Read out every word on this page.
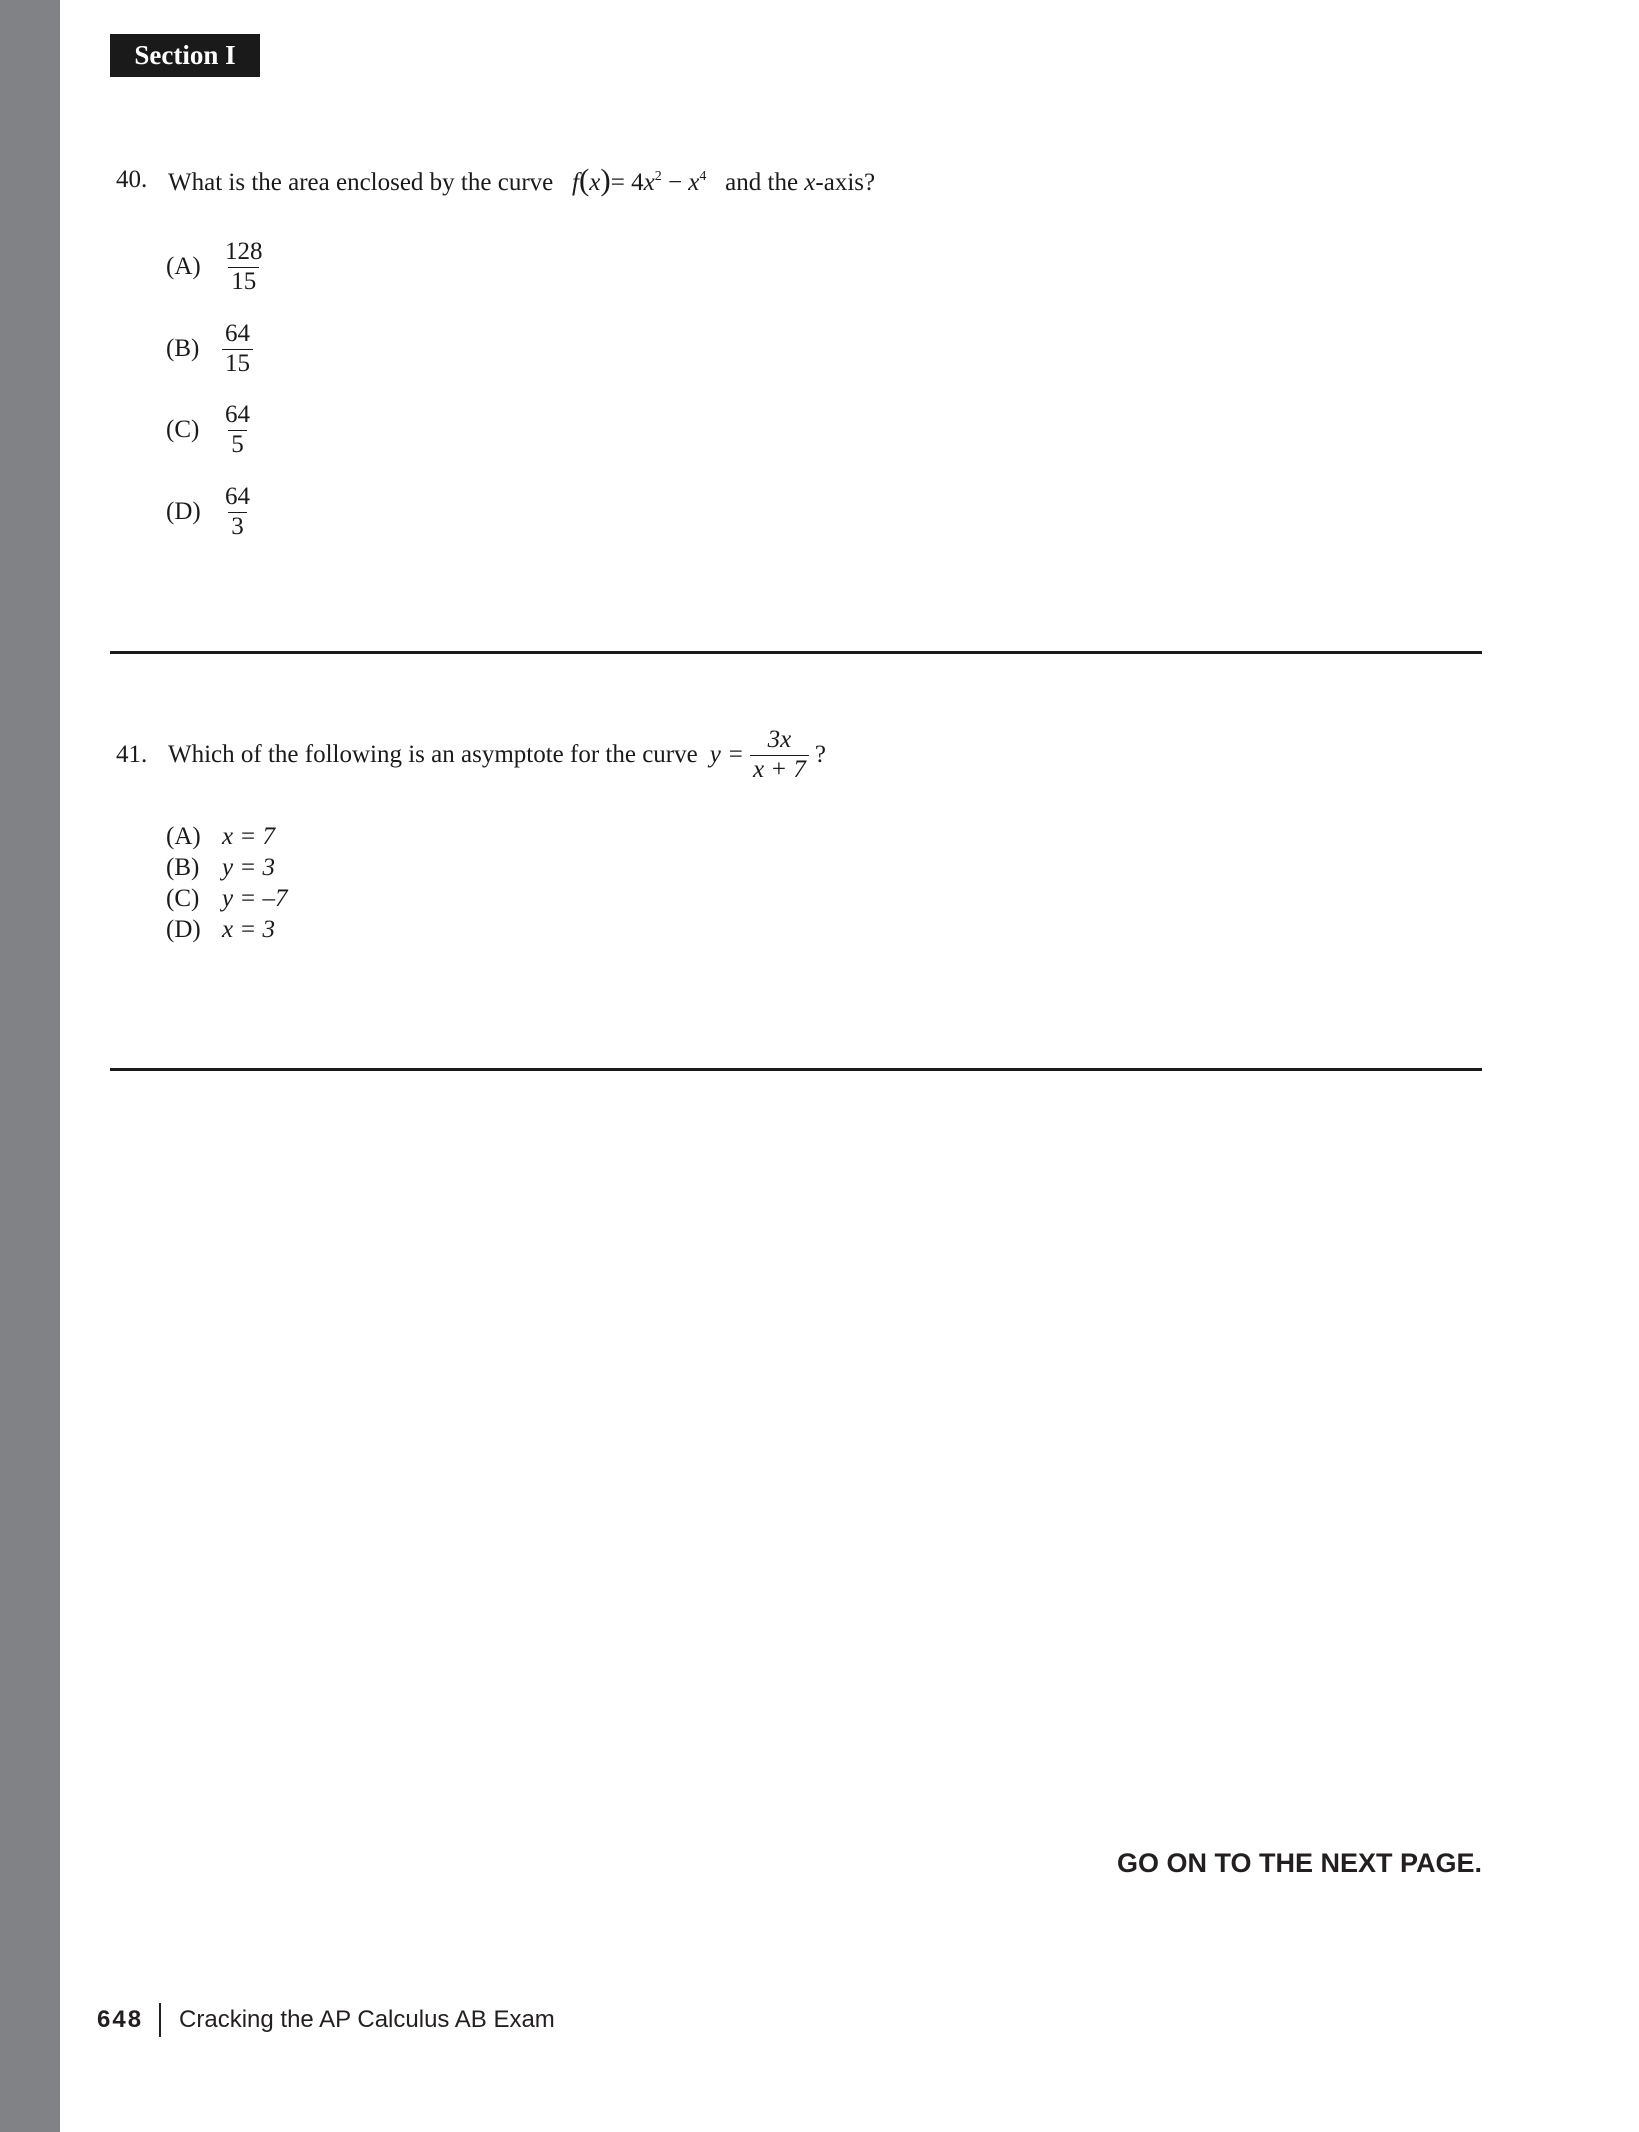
Section I
40. What is the area enclosed by the curve $f(x)= 4x^2 - x^4$ and the x-axis?
$(A) \frac{128}{15}$
$(B) \frac{64}{15}$
$(C) \frac{64}{5}$
$(D) \frac{64}{3}$
41. Which of the following is an asymptote for the curve $y = \frac{3x}{x + 7}$ ?
(A) x = 7
(B) y = 3
(C) y = –7
(D) x = 3
GO ON TO THE NEXT PAGE.
648 Cracking the AP Calculus AB Exam
